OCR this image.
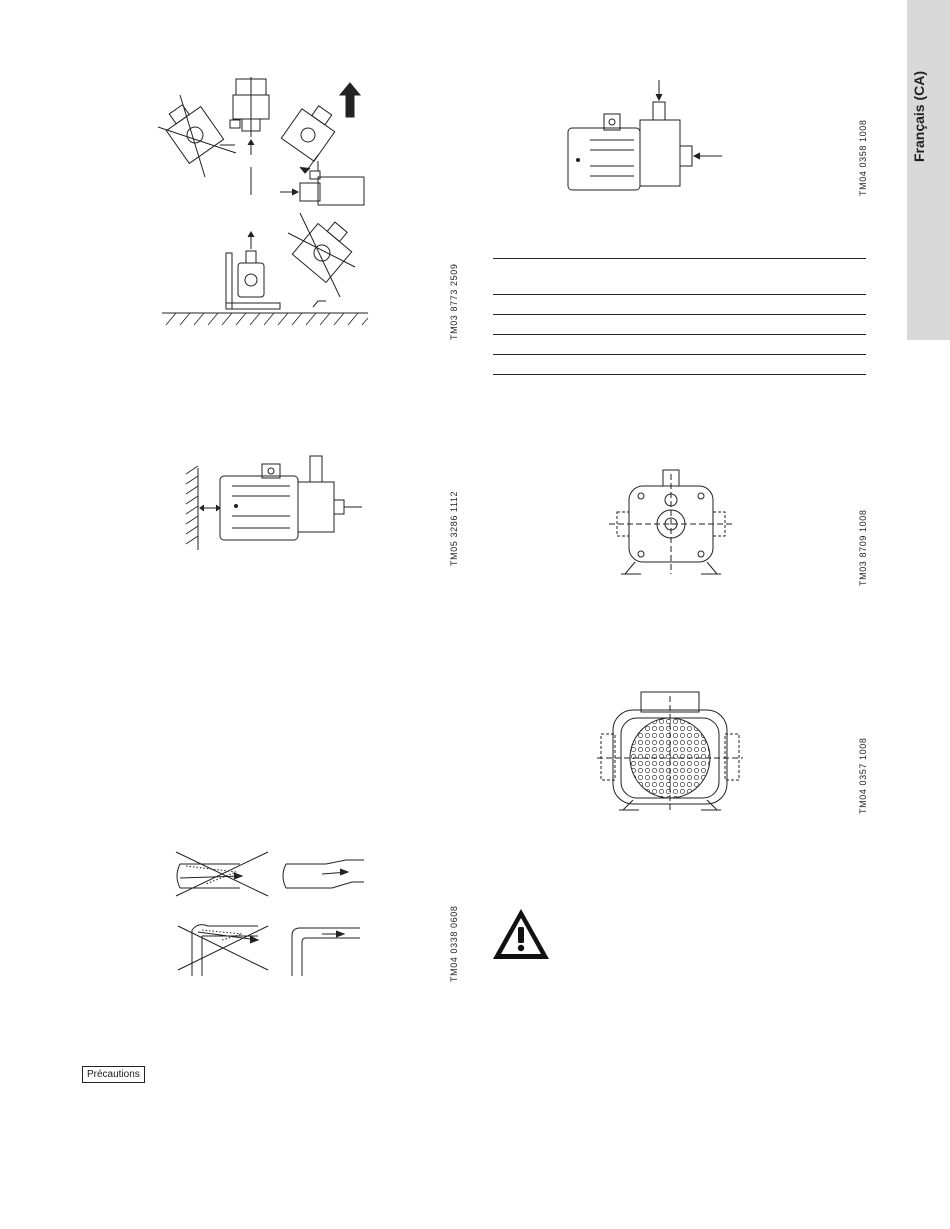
Français (CA)
TM03 8773 2509
TM05 3286 1112
TM04 0338 0608
Précautions
TM04 0358 1008

TM03 8709 1008
TM04 0357 1008
